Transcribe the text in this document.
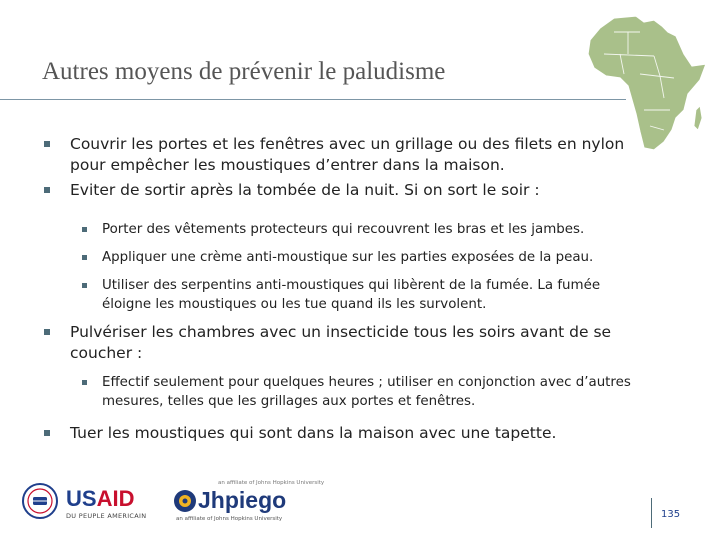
Autres moyens de prévenir le paludisme
Couvrir les portes et les fenêtres avec un grillage ou des filets en nylon
pour empêcher les moustiques d’entrer dans la maison.
Eviter de sortir après la tombée de la nuit. Si on sort le soir :
Porter des vêtements protecteurs qui recouvrent les bras et les jambes.
Appliquer une crème anti-moustique sur les parties exposées de la peau.
Utiliser des serpentins anti-moustiques qui libèrent de la fumée. La fumée
éloigne les moustiques ou les tue quand ils les survolent.
Pulvériser les chambres avec un insecticide tous les soirs avant de se
coucher :
Effectif seulement pour quelques heures ; utiliser en conjonction avec d’autres
mesures, telles que les grillages aux portes et fenêtres.
Tuer les moustiques qui sont dans la maison avec une tapette.
USAID
DU PEUPLE AMERICAIN
an affiliate of Johns Hopkins University
Jhpiego
an affiliate of Johns Hopkins University	135
